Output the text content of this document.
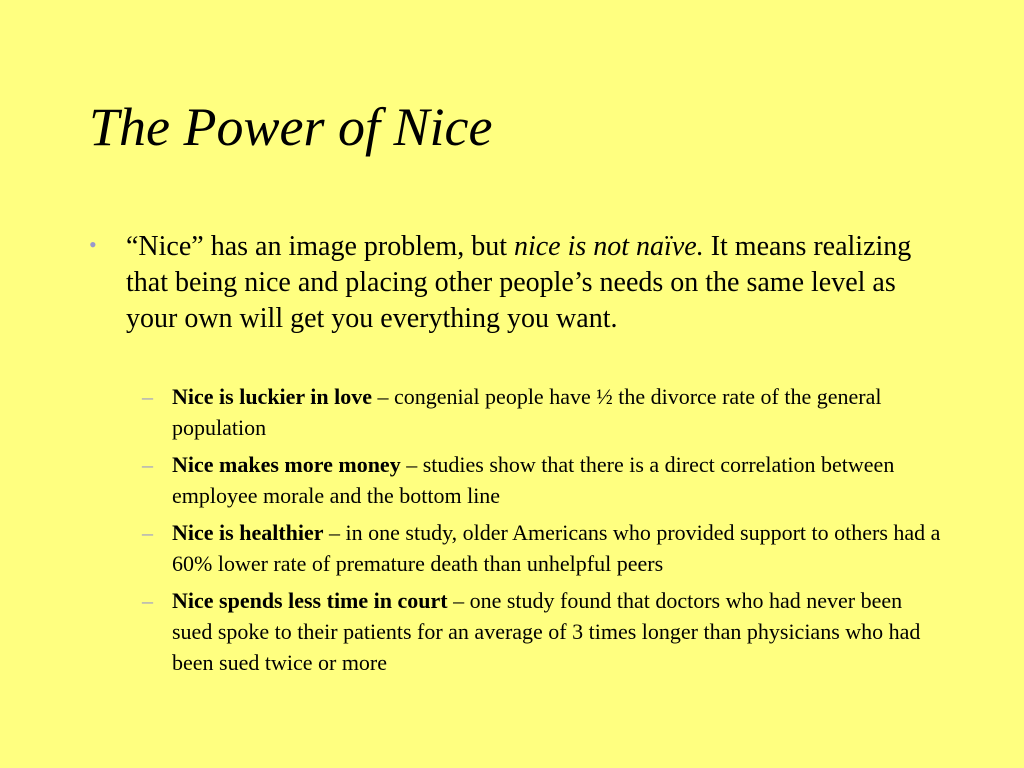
The Power of Nice
• “Nice” has an image problem, but nice is not naïve. It means realizing that being nice and placing other people’s needs on the same level as your own will get you everything you want.
– Nice is luckier in love – congenial people have ½ the divorce rate of the general population
– Nice makes more money – studies show that there is a direct correlation between employee morale and the bottom line
– Nice is healthier – in one study, older Americans who provided support to others had a 60% lower rate of premature death than unhelpful peers
– Nice spends less time in court – one study found that doctors who had never been sued spoke to their patients for an average of 3 times longer than physicians who had been sued twice or more
